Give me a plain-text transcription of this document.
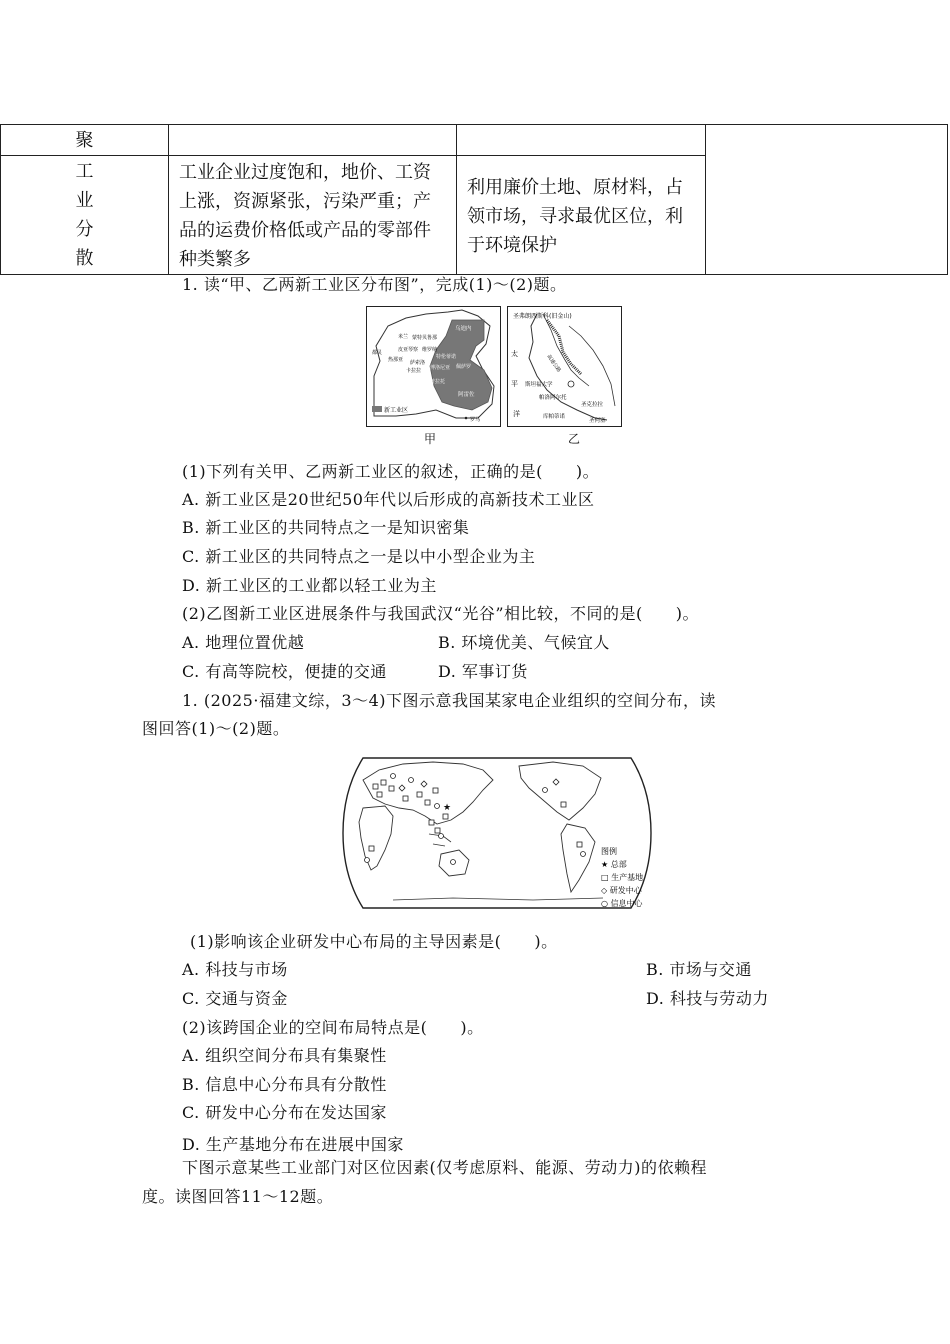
聚			

工
业
分
散	工业企业过度饱和，地价、工资上涨，资源紧张，污染严重；产品的运费价格低或产品的零部件种类繁多	利用廉价土地、原材料，占领市场，寻求最优区位，利于环境保护	
1. 读“甲、乙两新工业区分布图”，完成(1)～(2)题。
新工业区
乌迪内
米兰 蒙特贝鲁那
都灵	皮亚琴察
热那亚
维罗纳
特伦蒂诺
萨索洛
卡拉拉
佩萨罗
博洛尼亚
普拉托
阿雷佐
罗马
甲
圣弗朗西斯科(旧金山)
高速公路
太
平
洋
斯坦福大学
帕洛阿尔托
圣克拉拉
库帕蒂诺
圣何塞
乙
(1)下列有关甲、乙两新工业区的叙述，正确的是(　　)。
A. 新工业区是20世纪50年代以后形成的高新技术工业区
B. 新工业区的共同特点之一是知识密集
C. 新工业区的共同特点之一是以中小型企业为主
D. 新工业区的工业都以轻工业为主
(2)乙图新工业区进展条件与我国武汉“光谷”相比较，不同的是(　　)。
A. 地理位置优越	B. 环境优美、气候宜人
C. 有高等院校，便捷的交通	D. 军事订货
1. (2025·福建文综，3～4)下图示意我国某家电企业组织的空间分布，读
图回答(1)～(2)题。
★
图例
★ 总部
□ 生产基地
◇ 研发中心
○ 信息中心
(1)影响该企业研发中心布局的主导因素是(　　)。
A. 科技与市场	B. 市场与交通
C. 交通与资金	D. 科技与劳动力
(2)该跨国企业的空间布局特点是(　　)。
A. 组织空间分布具有集聚性
B. 信息中心分布具有分散性
C. 研发中心分布在发达国家
D. 生产基地分布在进展中国家
下图示意某些工业部门对区位因素(仅考虑原料、能源、劳动力)的依赖程
度。读图回答11～12题。
